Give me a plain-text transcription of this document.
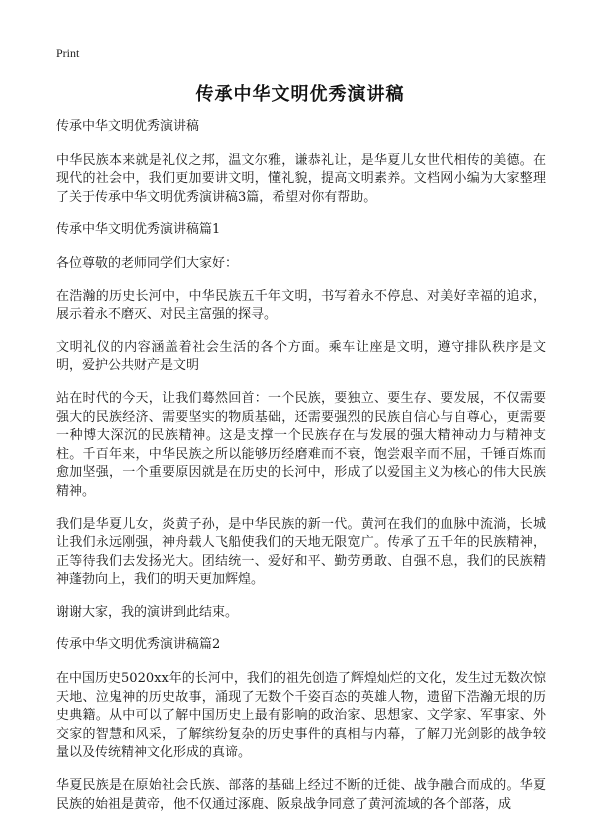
Print
传承中华文明优秀演讲稿

传承中华文明优秀演讲稿

中华民族本来就是礼仪之邦，温文尔雅，谦恭礼让，是华夏儿女世代相传的美德。在现代的社会中，我们更加要讲文明，懂礼貌，提高文明素养。文档网小编为大家整理了关于传承中华文明优秀演讲稿3篇，希望对你有帮助。

传承中华文明优秀演讲稿篇1

各位尊敬的老师同学们大家好：

在浩瀚的历史长河中，中华民族五千年文明，书写着永不停息、对美好幸福的追求，展示着永不磨灭、对民主富强的探寻。

文明礼仪的内容涵盖着社会生活的各个方面。乘车让座是文明，遵守排队秩序是文明，爱护公共财产是文明

站在时代的今天，让我们蓦然回首：一个民族，要独立、要生存、要发展，不仅需要强大的民族经济、需要坚实的物质基础，还需要强烈的民族自信心与自尊心，更需要一种博大深沉的民族精神。这是支撑一个民族存在与发展的强大精神动力与精神支柱。千百年来，中华民族之所以能够历经磨难而不衰，饱尝艰辛而不屈，千锤百炼而愈加坚强，一个重要原因就是在历史的长河中，形成了以爱国主义为核心的伟大民族精神。

我们是华夏儿女，炎黄子孙，是中华民族的新一代。黄河在我们的血脉中流淌，长城让我们永远刚强，神舟载人飞船使我们的天地无限宽广。传承了五千年的民族精神，正等待我们去发扬光大。团结统一、爱好和平、勤劳勇敢、自强不息，我们的民族精神蓬勃向上，我们的明天更加辉煌。

谢谢大家，我的演讲到此结束。

传承中华文明优秀演讲稿篇2

在中国历史5020xx年的长河中，我们的祖先创造了辉煌灿烂的文化，发生过无数次惊天地、泣鬼神的历史故事，涌现了无数个千姿百态的英雄人物，遗留下浩瀚无垠的历史典籍。从中可以了解中国历史上最有影响的政治家、思想家、文学家、军事家、外交家的智慧和风采，了解缤纷复杂的历史事件的真相与内幕，了解刀光剑影的战争较量以及传统精神文化形成的真谛。

华夏民族是在原始社会氏族、部落的基础上经过不断的迁徙、战争融合而成的。华夏民族的始祖是黄帝，他不仅通过涿鹿、阪泉战争同意了黄河流域的各个部落，成
